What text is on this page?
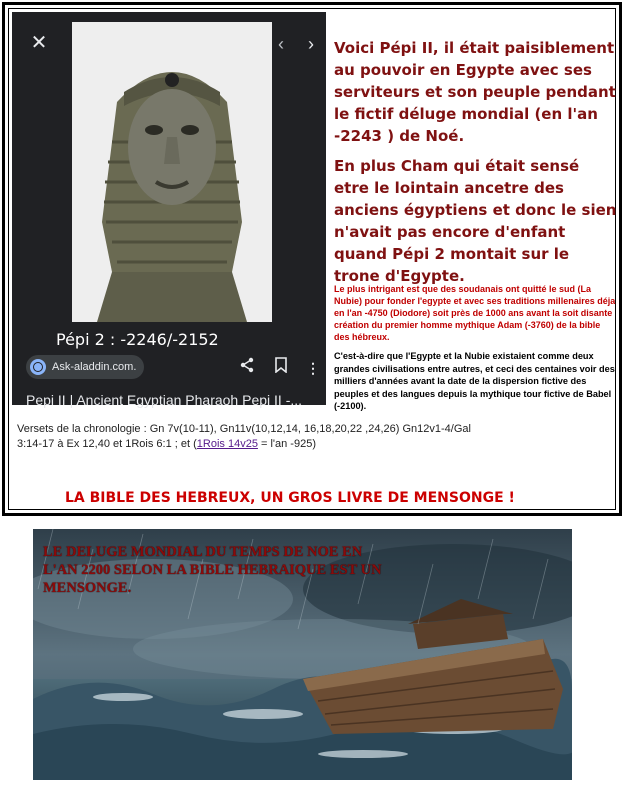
✕	‹	›
Pépi 2 : -2246/-2152
Ask-aladdin.com.	⋮
Pepi II | Ancient Egyptian Pharaoh Pepi II -...

Voici Pépi II, il était paisiblement au pouvoir en Egypte avec ses serviteurs et son peuple pendant le fictif déluge mondial (en l'an -2243 ) de Noé.

En plus Cham qui était sensé etre le lointain ancetre des anciens égyptiens et donc le sien n'avait pas encore d'enfant quand Pépi 2 montait sur le trone d'Egypte.

Le plus intrigant est que des soudanais ont quitté le sud (La Nubie) pour fonder l'egypte et avec ses traditions millenaires déja en l'an -4750 (Diodore) soit près de 1000 ans avant la soit disante création du premier homme mythique Adam (-3760) de la bible des hébreux.
C'est-à-dire que l'Egypte et la Nubie existaient comme deux grandes civilisations entre autres, et ceci des centaines voir des milliers d'années avant la date de la dispersion fictive des peuples et des langues depuis la mythique tour fictive de Babel (-2100).
Versets de la chronologie : Gn 7v(10-11), Gn11v(10,12,14, 16,18,20,22 ,24,26) Gn12v1-4/Gal 3:14-17 à Ex 12,40 et 1Rois 6:1 ; et (1Rois 14v25 = l'an -925)
LA BIBLE DES HEBREUX, UN GROS LIVRE DE MENSONGE !
LE DELUGE MONDIAL DU TEMPS DE NOE EN L'AN 2200 SELON LA BIBLE HEBRAIQUE EST UN MENSONGE.
